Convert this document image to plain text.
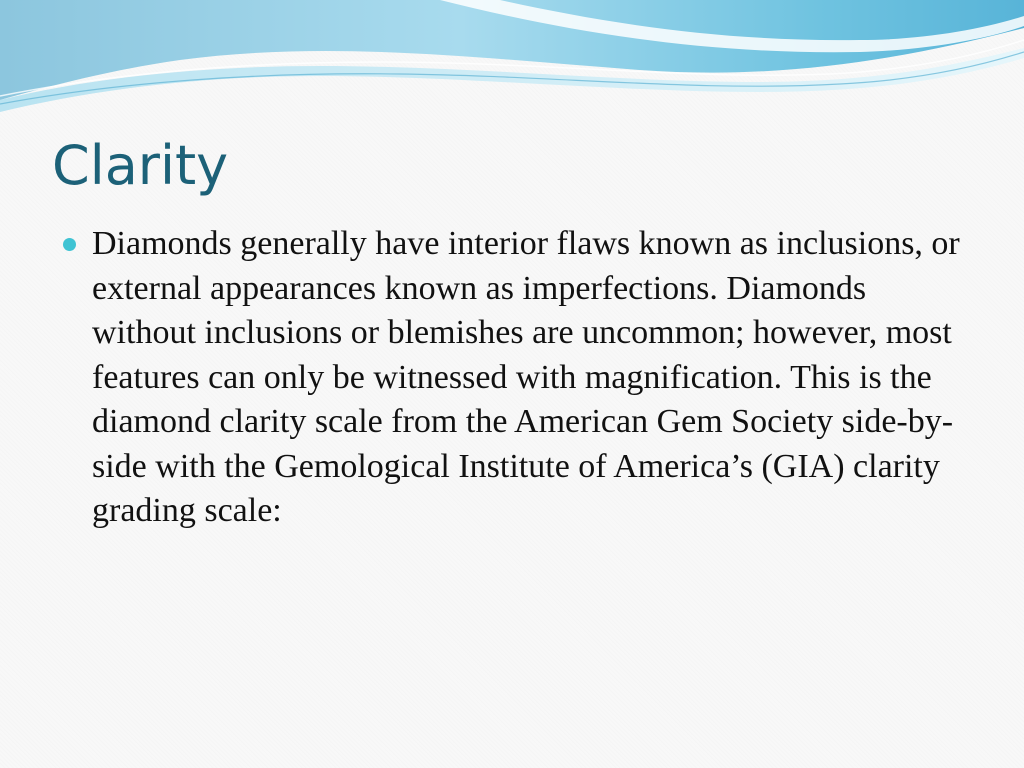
Clarity
Diamonds generally have interior flaws known as inclusions, or external appearances known as imperfections. Diamonds without inclusions or blemishes are uncommon; however, most features can only be witnessed with magnification. This is the diamond clarity scale from the American Gem Society side-by-side with the Gemological Institute of America’s (GIA) clarity grading scale:
